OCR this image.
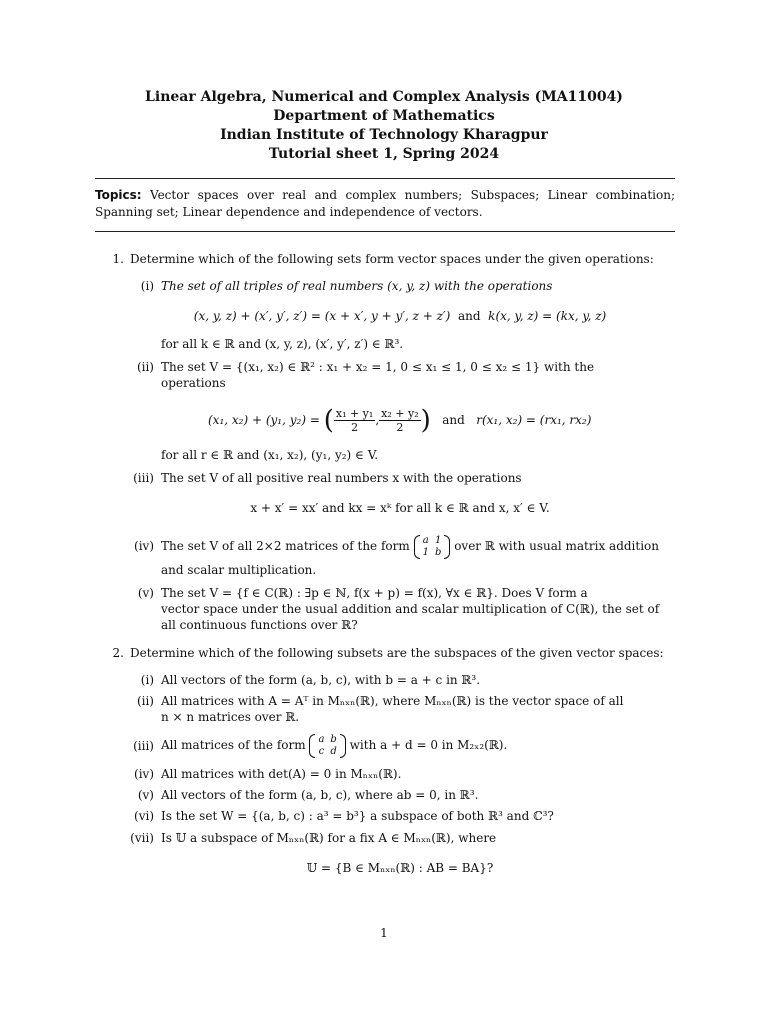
Linear Algebra, Numerical and Complex Analysis (MA11004)
Department of Mathematics
Indian Institute of Technology Kharagpur
Tutorial sheet 1, Spring 2024
Topics: Vector spaces over real and complex numbers; Subspaces; Linear combination; Spanning set; Linear dependence and independence of vectors.
1. Determine which of the following sets form vector spaces under the given operations:
(i) The set of all triples of real numbers (x, y, z) with the operations
(x, y, z) + (x′, y′, z′) = (x + x′, y + y′, z + z′) and k(x, y, z) = (kx, y, z)
for all k ∈ ℝ and (x, y, z), (x′, y′, z′) ∈ ℝ³.
(ii) The set V = {(x₁, x₂) ∈ ℝ² : x₁ + x₂ = 1, 0 ≤ x₁ ≤ 1, 0 ≤ x₂ ≤ 1} with the
operations
(x₁, x₂) + (y₁, y₂) = ( $\frac{\text{x₁ + y₁}}{2}$ , $\frac{\text{x₂ + y₂}}{2}$ ) and r(x₁, x₂) = (rx₁, rx₂)
for all r ∈ ℝ and (x₁, x₂), (y₁, y₂) ∈ V.
(iii) The set V of all positive real numbers x with the operations
x + x′ = xx′ and kx = xᵏ for all k ∈ ℝ and x, x′ ∈ V.
(iv) The set V of all 2×2 matrices of the form a	1
1	b over ℝ with usual matrix addition
and scalar multiplication.
(v) The set V = {f ∈ C(ℝ) : ∃p ∈ ℕ, f(x + p) = f(x), ∀x ∈ ℝ}. Does V form a
vector space under the usual addition and scalar multiplication of C(ℝ), the set of
all continuous functions over ℝ?
2. Determine which of the following subsets are the subspaces of the given vector spaces:
(i) All vectors of the form (a, b, c), with b = a + c in ℝ³.
(ii) All matrices with A = Aᵀ in Mₙₓₙ(ℝ), where Mₙₓₙ(ℝ) is the vector space of all
n × n matrices over ℝ.
(iii) All matrices of the form a	b
c	d with a + d = 0 in M₂ₓ₂(ℝ).
(iv) All matrices with det(A) = 0 in Mₙₓₙ(ℝ).
(v) All vectors of the form (a, b, c), where ab = 0, in ℝ³.
(vi) Is the set W = {(a, b, c) : a³ = b³} a subspace of both ℝ³ and ℂ³?
(vii) Is 𝕌 a subspace of Mₙₓₙ(ℝ) for a fix A ∈ Mₙₓₙ(ℝ), where
𝕌 = {B ∈ Mₙₓₙ(ℝ) : AB = BA}?
1
